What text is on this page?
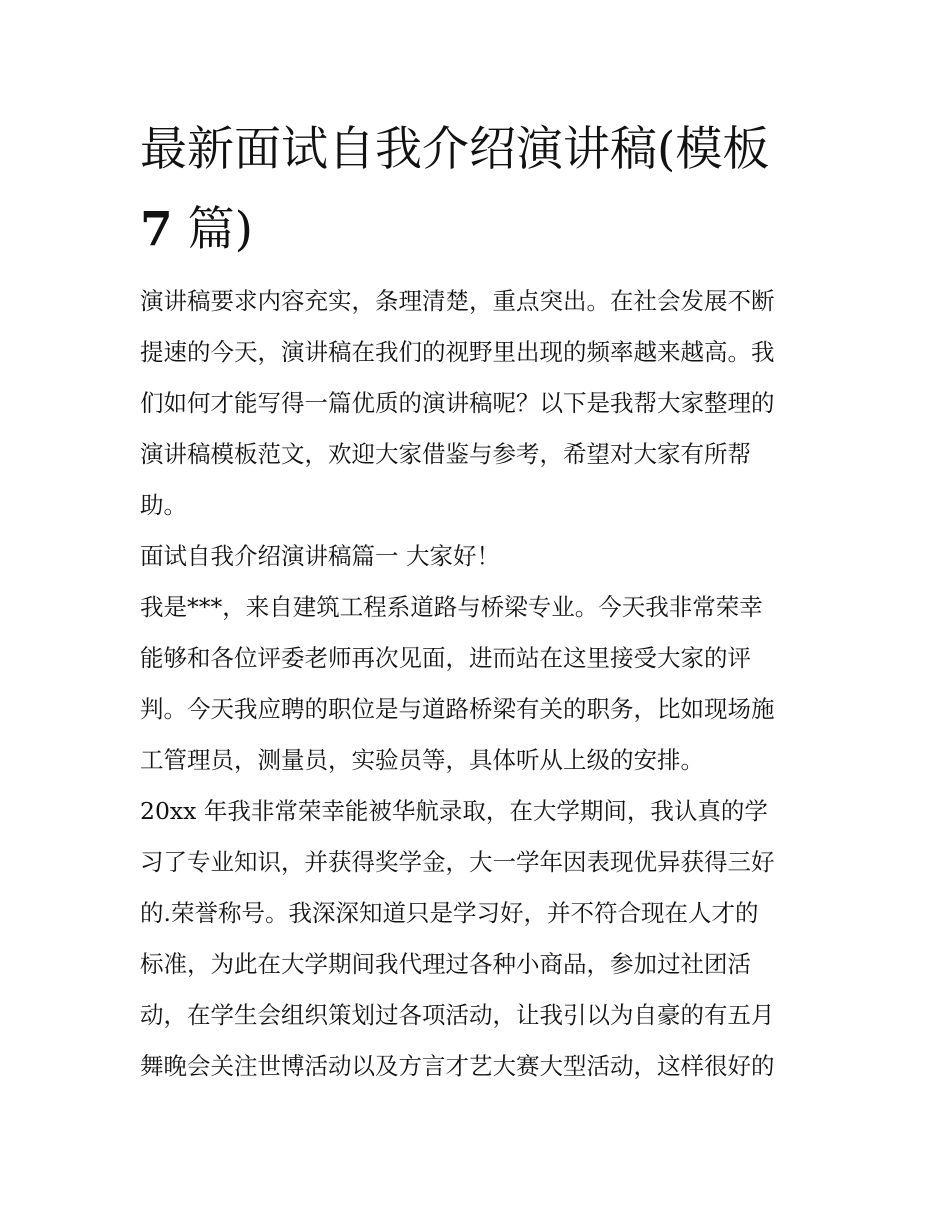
最新面试自我介绍演讲稿(模板
7 篇)
演讲稿要求内容充实，条理清楚，重点突出。在社会发展不断
提速的今天，演讲稿在我们的视野里出现的频率越来越高。我
们如何才能写得一篇优质的演讲稿呢？以下是我帮大家整理的
演讲稿模板范文，欢迎大家借鉴与参考，希望对大家有所帮
助。
面试自我介绍演讲稿篇一 大家好！
我是***，来自建筑工程系道路与桥梁专业。今天我非常荣幸
能够和各位评委老师再次见面，进而站在这里接受大家的评
判。今天我应聘的职位是与道路桥梁有关的职务，比如现场施
工管理员，测量员，实验员等，具体听从上级的安排。
20xx 年我非常荣幸能被华航录取，在大学期间，我认真的学
习了专业知识，并获得奖学金，大一学年因表现优异获得三好
的.荣誉称号。我深深知道只是学习好，并不符合现在人才的
标准，为此在大学期间我代理过各种小商品，参加过社团活
动，在学生会组织策划过各项活动，让我引以为自豪的有五月
舞晚会关注世博活动以及方言才艺大赛大型活动，这样很好的
